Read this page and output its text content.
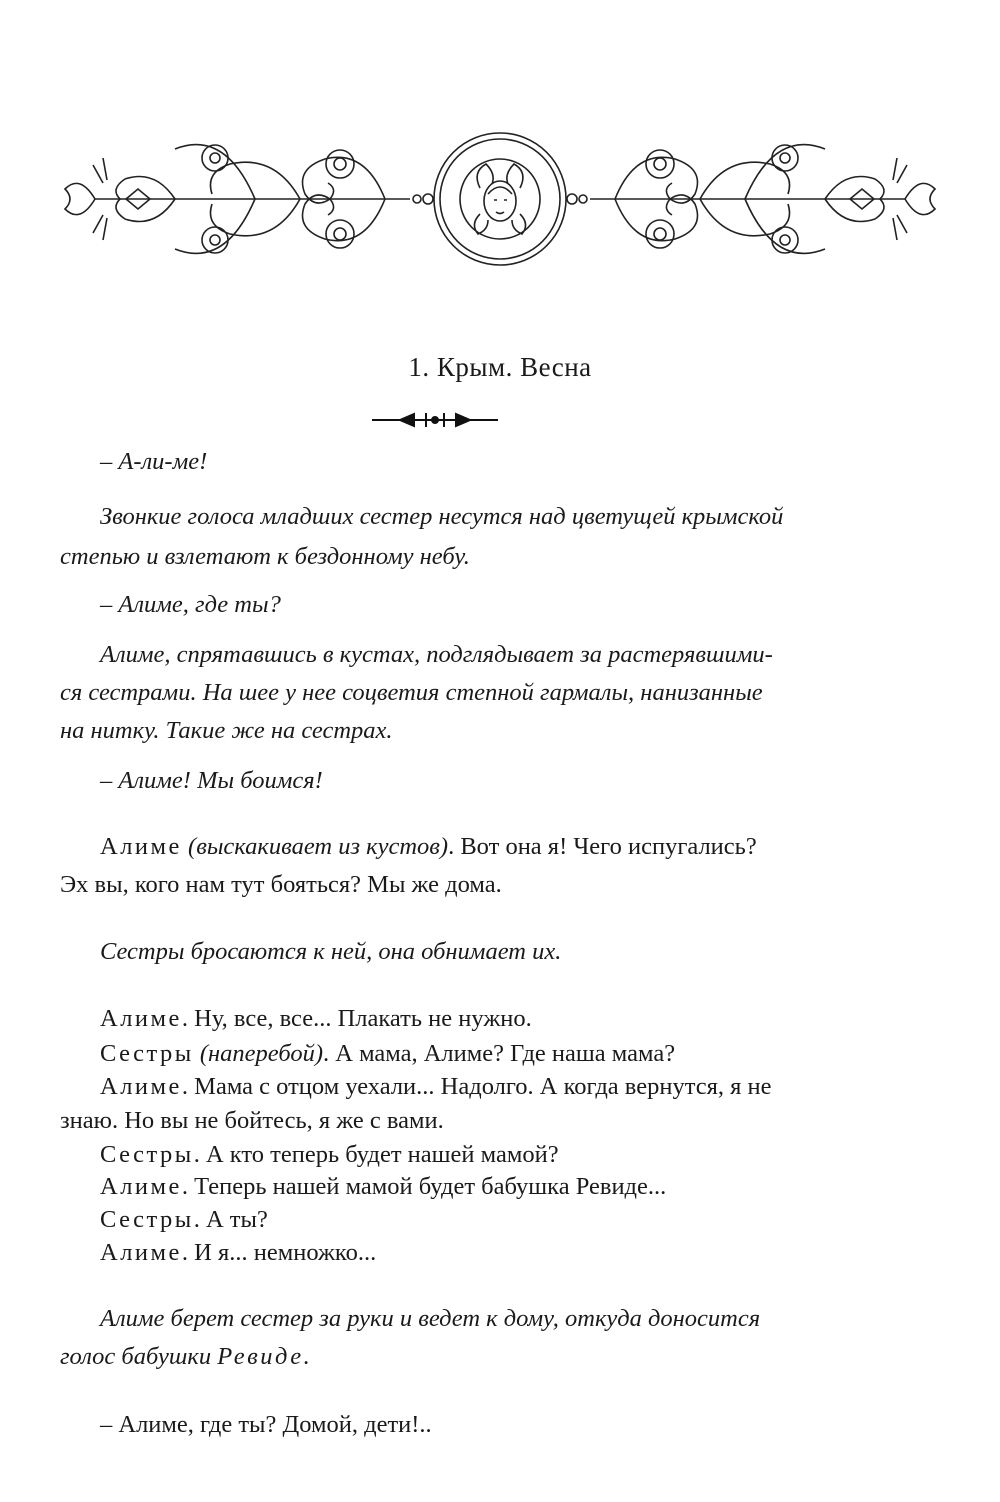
1. Крым. Весна
– А-ли-ме!
Звонкие голоса младших сестер несутся над цветущей крымской
степью и взлетают к бездонному небу.
– Алиме, где ты?
Алиме, спрятавшись в кустах, подглядывает за растерявшими-
ся сестрами. На шее у нее соцветия степной гармалы, нанизанные
на нитку. Такие же на сестрах.
– Алиме! Мы боимся!
Алиме (выскакивает из кустов). Вот она я! Чего испугались?
Эх вы, кого нам тут бояться? Мы же дома.
Сестры бросаются к ней, она обнимает их.
Алиме. Ну, все, все... Плакать не нужно.
Сестры (наперебой). А мама, Алиме? Где наша мама?
Алиме. Мама с отцом уехали... Надолго. А когда вернутся, я не
знаю. Но вы не бойтесь, я же с вами.
Сестры. А кто теперь будет нашей мамой?
Алиме. Теперь нашей мамой будет бабушка Ревиде...
Сестры. А ты?
Алиме. И я... немножко...
Алиме берет сестер за руки и ведет к дому, откуда доносится
голос бабушки Ревиде.
– Алиме, где ты? Домой, дети!..
